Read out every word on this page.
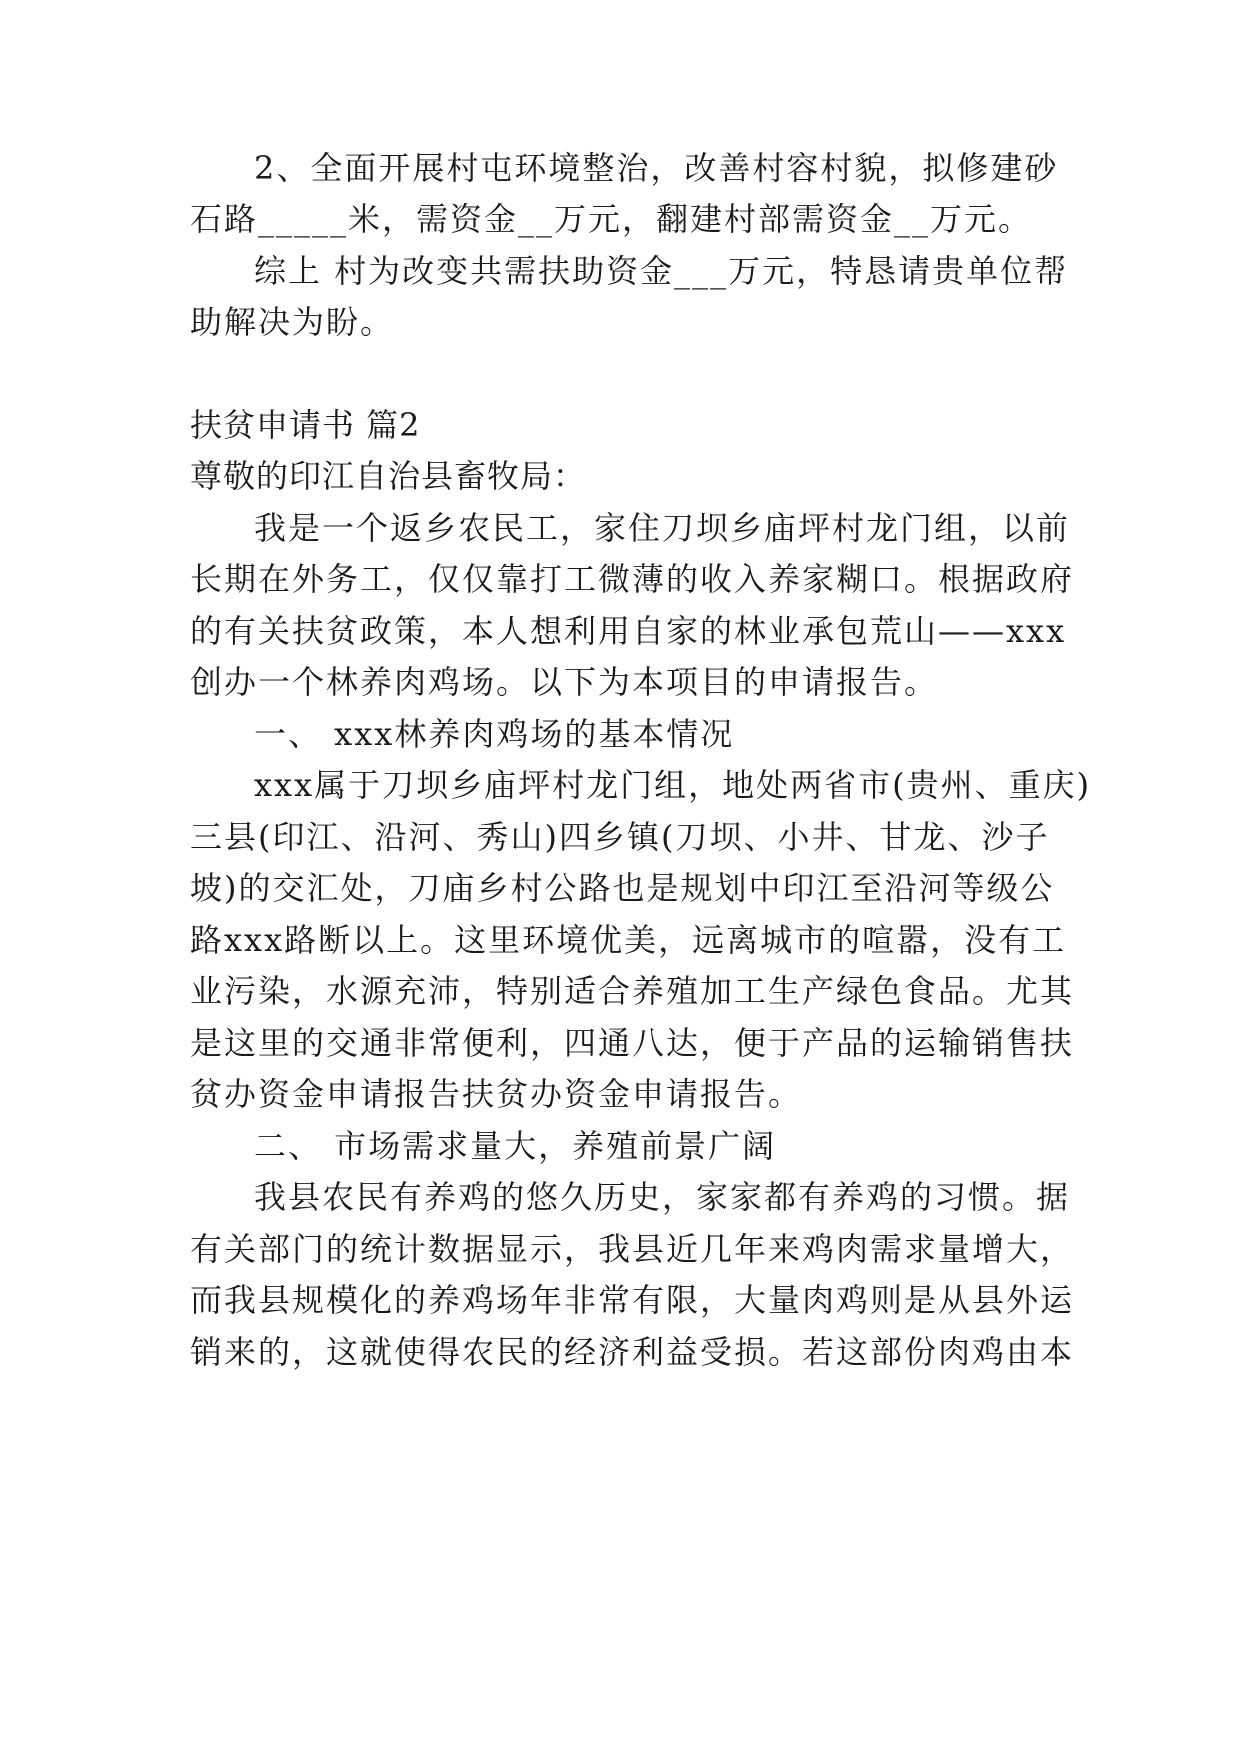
2、全面开展村屯环境整治，改善村容村貌，拟修建砂
石路_____米，需资金__万元，翻建村部需资金__万元。
综上 村为改变共需扶助资金___万元，特恳请贵单位帮
助解决为盼。
扶贫申请书 篇2
尊敬的印江自治县畜牧局：
我是一个返乡农民工，家住刀坝乡庙坪村龙门组，以前
长期在外务工，仅仅靠打工微薄的收入养家糊口。根据政府
的有关扶贫政策，本人想利用自家的林业承包荒山——xxx
创办一个林养肉鸡场。以下为本项目的申请报告。
一、 xxx林养肉鸡场的基本情况
xxx属于刀坝乡庙坪村龙门组，地处两省市(贵州、重庆)
三县(印江、沿河、秀山)四乡镇(刀坝、小井、甘龙、沙子
坡)的交汇处，刀庙乡村公路也是规划中印江至沿河等级公
路xxx路断以上。这里环境优美，远离城市的喧嚣，没有工
业污染，水源充沛，特别适合养殖加工生产绿色食品。尤其
是这里的交通非常便利，四通八达，便于产品的运输销售扶
贫办资金申请报告扶贫办资金申请报告。
二、 市场需求量大，养殖前景广阔
我县农民有养鸡的悠久历史，家家都有养鸡的习惯。据
有关部门的统计数据显示，我县近几年来鸡肉需求量增大，
而我县规模化的养鸡场年非常有限，大量肉鸡则是从县外运
销来的，这就使得农民的经济利益受损。若这部份肉鸡由本
